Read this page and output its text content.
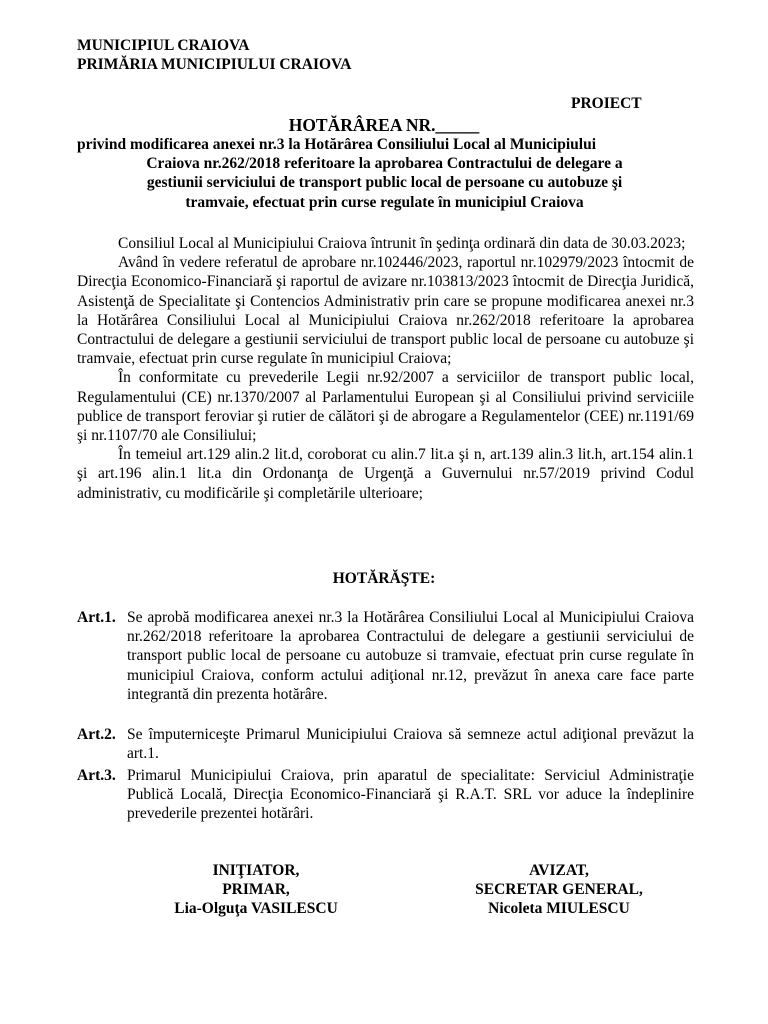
MUNICIPIUL CRAIOVA
PRIMĂRIA MUNICIPIULUI CRAIOVA
PROIECT
HOTĂRÂREA NR._____
privind modificarea anexei nr.3 la Hotărârea Consiliului Local al Municipiului
Craiova nr.262/2018 referitoare la aprobarea Contractului de delegare a
gestiunii serviciului de transport public local de persoane cu autobuze şi
tramvaie, efectuat prin curse regulate în municipiul Craiova
Consiliul Local al Municipiului Craiova întrunit în şedinţa ordinară din data de 30.03.2023;
Având în vedere referatul de aprobare nr.102446/2023, raportul nr.102979/2023 întocmit de Direcţia Economico-Financiară şi raportul de avizare nr.103813/2023 întocmit de Direcţia Juridică, Asistenţă de Specialitate şi Contencios Administrativ prin care se propune modificarea anexei nr.3 la Hotărârea Consiliului Local al Municipiului Craiova nr.262/2018 referitoare la aprobarea Contractului de delegare a gestiunii serviciului de transport public local de persoane cu autobuze şi tramvaie, efectuat prin curse regulate în municipiul Craiova;
În conformitate cu prevederile Legii nr.92/2007 a serviciilor de transport public local, Regulamentului (CE) nr.1370/2007 al Parlamentului European şi al Consiliului privind serviciile publice de transport feroviar şi rutier de călători şi de abrogare a Regulamentelor (CEE) nr.1191/69 şi nr.1107/70 ale Consiliului;
În temeiul art.129 alin.2 lit.d, coroborat cu alin.7 lit.a şi n, art.139 alin.3 lit.h, art.154 alin.1 şi art.196 alin.1 lit.a din Ordonanţa de Urgenţă a Guvernului nr.57/2019 privind Codul administrativ, cu modificările şi completările ulterioare;
HOTĂRĂŞTE:
Art.1. Se aprobă modificarea anexei nr.3 la Hotărârea Consiliului Local al Municipiului Craiova nr.262/2018 referitoare la aprobarea Contractului de delegare a gestiunii serviciului de transport public local de persoane cu autobuze si tramvaie, efectuat prin curse regulate în municipiul Craiova, conform actului adiţional nr.12, prevăzut în anexa care face parte integrantă din prezenta hotărâre.
Art.2. Se împuterniceşte Primarul Municipiului Craiova să semneze actul adiţional prevăzut la art.1.
Art.3. Primarul Municipiului Craiova, prin aparatul de specialitate: Serviciul Administraţie Publică Locală, Direcţia Economico-Financiară şi R.A.T. SRL vor aduce la îndeplinire prevederile prezentei hotărâri.
INIŢIATOR,
PRIMAR,
Lia-Olguţa VASILESCU
AVIZAT,
SECRETAR GENERAL,
Nicoleta MIULESCU
